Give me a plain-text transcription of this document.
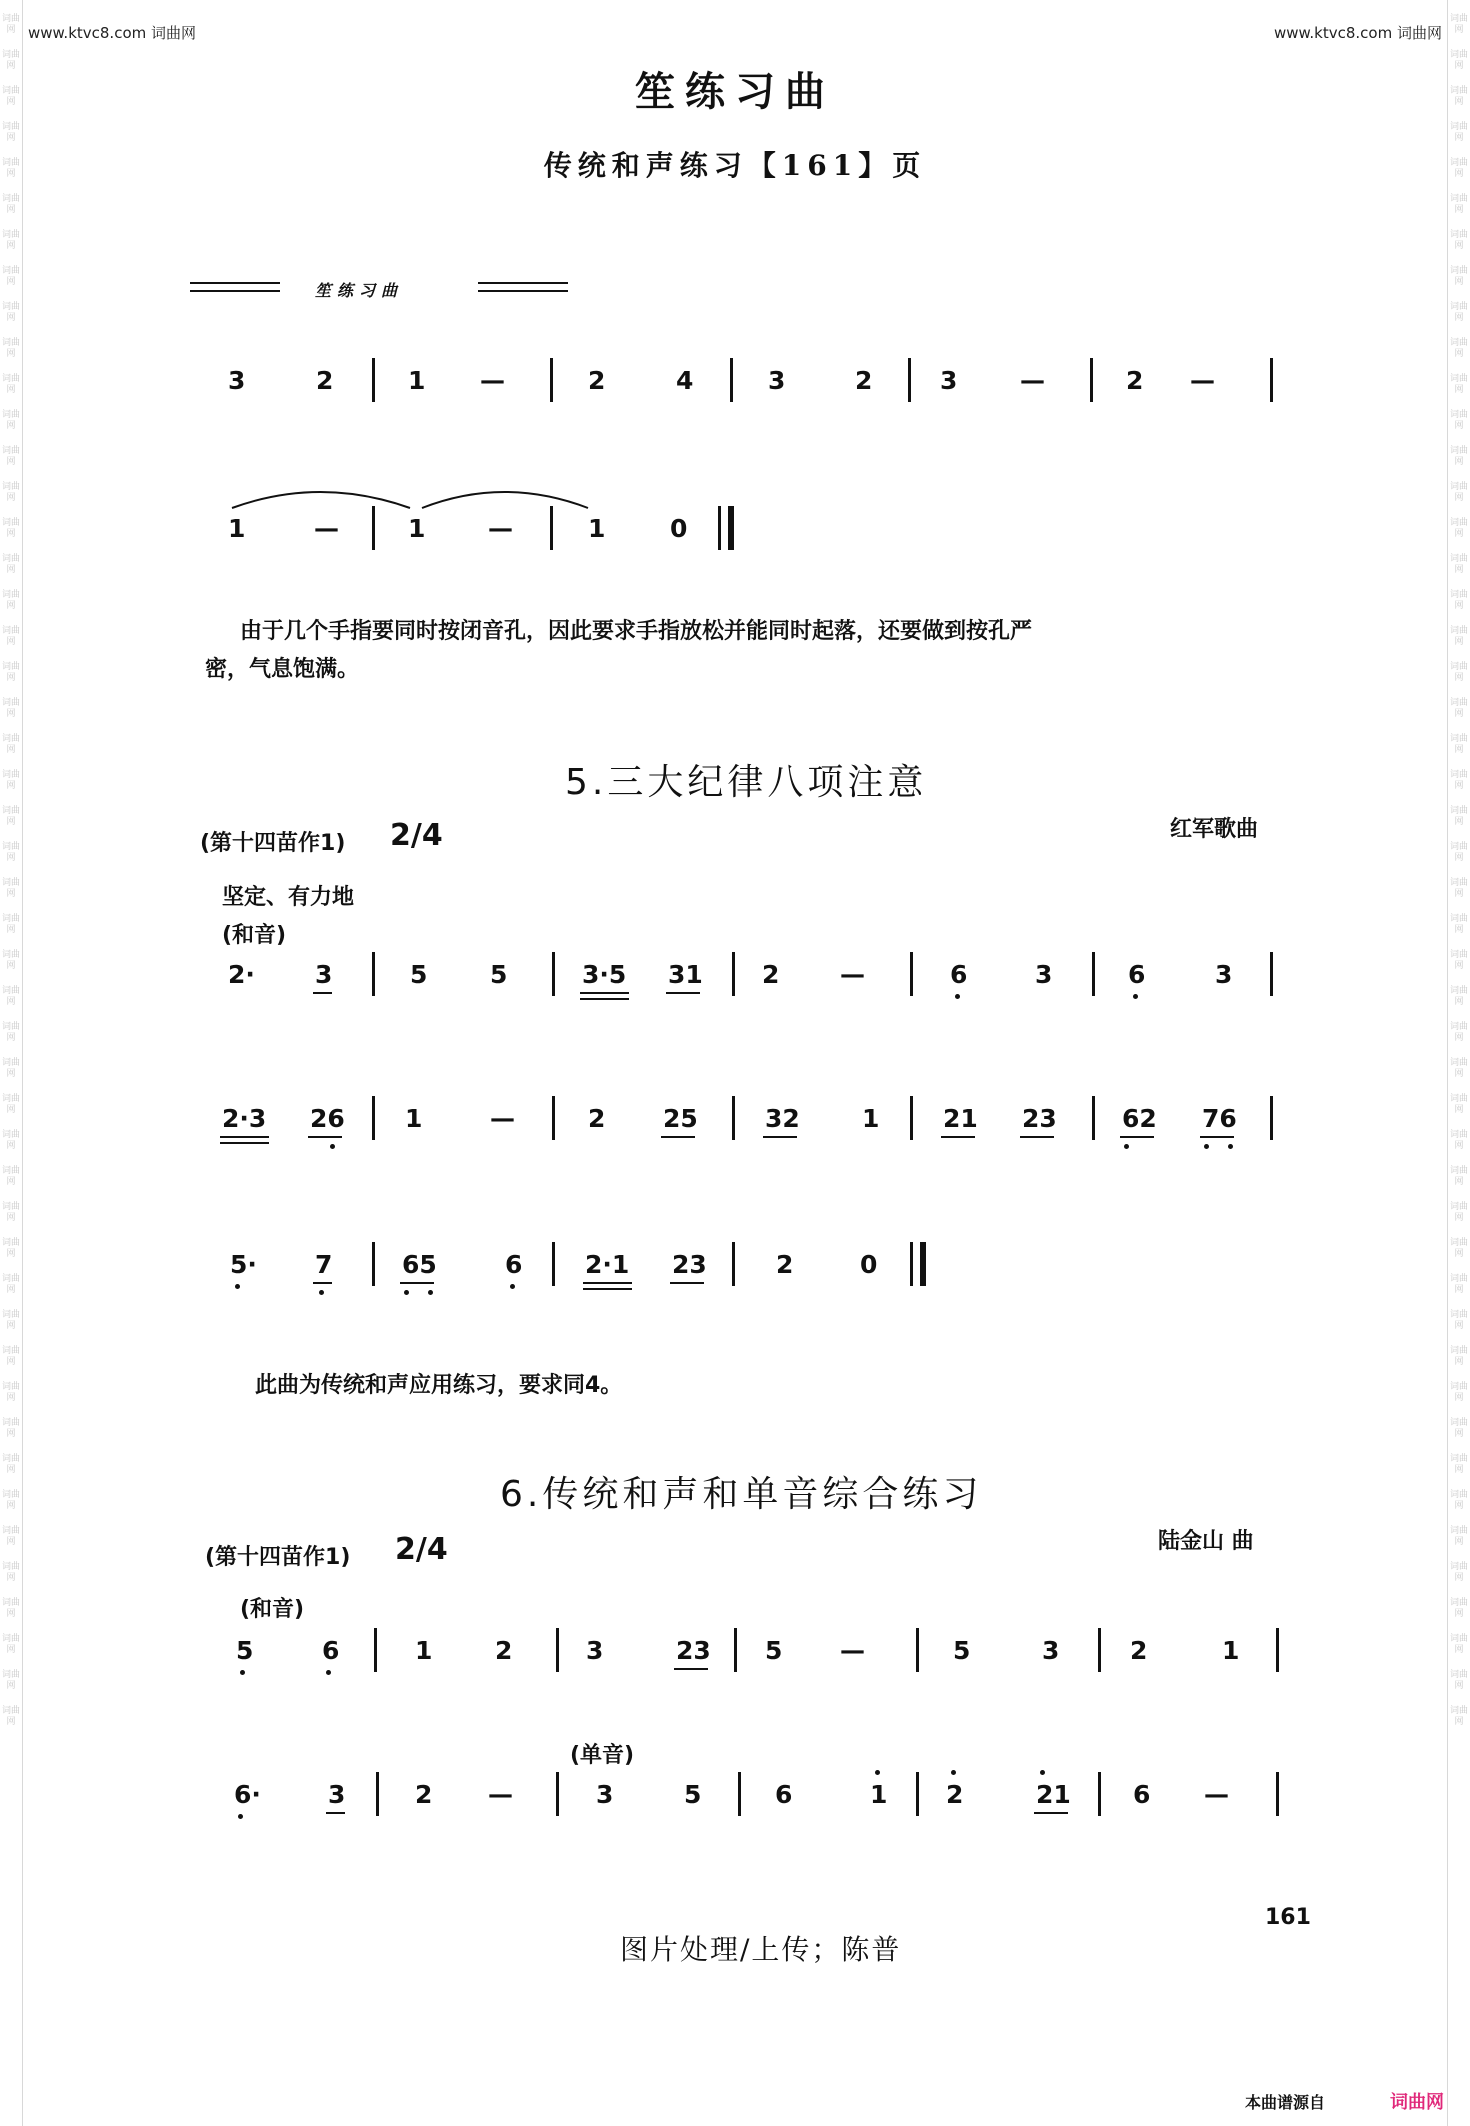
词曲网
词曲网
词曲网
词曲网
词曲网
词曲网
词曲网
词曲网
词曲网
词曲网
词曲网
词曲网
词曲网
词曲网
词曲网
词曲网
词曲网
词曲网
词曲网
词曲网
词曲网
词曲网
词曲网
词曲网
词曲网
词曲网
词曲网
词曲网
词曲网
词曲网
词曲网
词曲网
词曲网
词曲网
词曲网
词曲网
词曲网
词曲网
词曲网
词曲网
词曲网
词曲网
词曲网
词曲网
词曲网
词曲网
词曲网
词曲网
词曲网
词曲网
词曲网
词曲网
词曲网
词曲网
词曲网
词曲网
词曲网
词曲网
词曲网
词曲网
词曲网
词曲网
词曲网
词曲网
词曲网
词曲网
词曲网
词曲网
词曲网
词曲网
词曲网
词曲网
词曲网
词曲网
词曲网
词曲网
词曲网
词曲网
词曲网
词曲网
词曲网
词曲网
词曲网
词曲网
词曲网
词曲网
词曲网
词曲网
词曲网
词曲网
词曲网
词曲网
词曲网
词曲网
词曲网
词曲网
www.ktvc8.com 词曲网	www.ktvc8.com 词曲网
笙练习曲
传统和声练习【161】页
笙练习曲
3	2	1 —	2	4	3	2	3	—	2 —
1	—	1	—	1	0
2· 3	5	5	3·5 31 2 —	6	3	6	3
2·3 26 1	—	2 25	32 1	21 23	62 76
5· 7	65	6	2·1 23	2	0
5	6	1	2	3	23 5 —	5	3	2	1
6·	3	2 —	3	5	6	1 2	21 6 —
由于几个手指要同时按闭音孔，因此要求手指放松并能同时起落，还要做到按孔严
密，气息饱满。
5.三大纪律八项注意
红军歌曲
(第十四苗作1) 2/4
坚定、有力地
(和音)
此曲为传统和声应用练习，要求同4。
6.传统和声和单音综合练习
陆金山 曲
(第十四苗作1) 2/4
(和音)
(单音)
161
图片处理/上传；陈普
本曲谱源自	词曲网
